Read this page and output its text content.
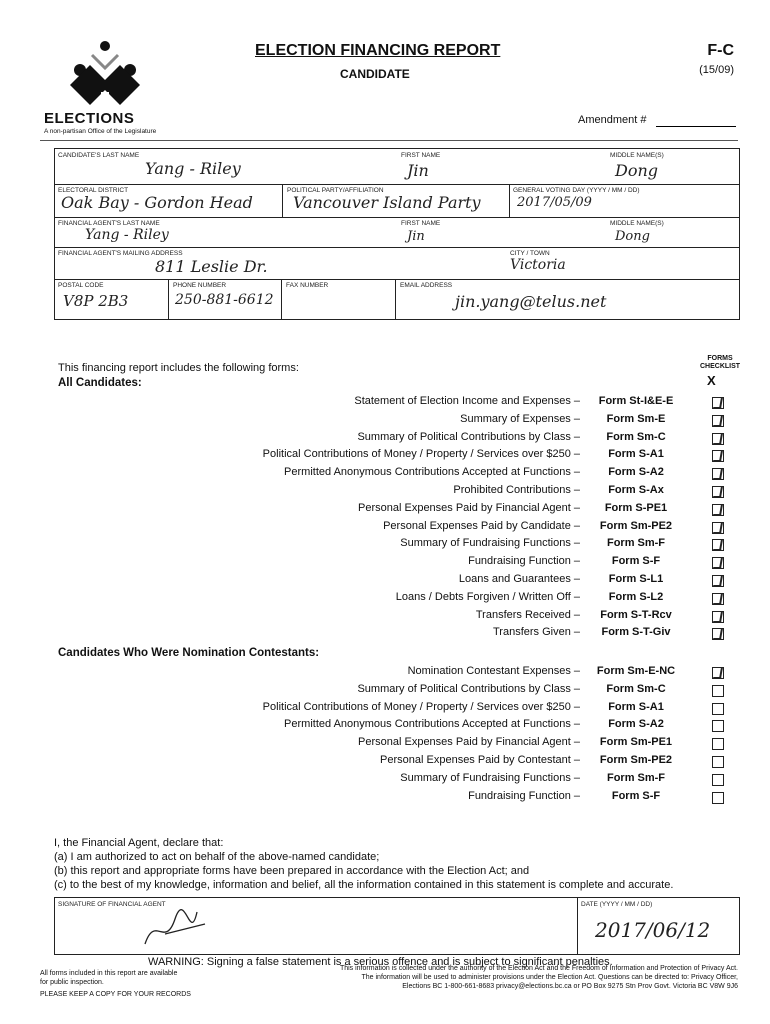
ELECTIONS
A non-partisan Office of the Legislature
ELECTION FINANCING REPORT
CANDIDATE
F-C
(15/09)
Amendment #
CANDIDATE'S LAST NAME
Yang - Riley
FIRST NAME
Jin
MIDDLE NAME(S)
Dong
ELECTORAL DISTRICT
Oak Bay - Gordon Head
POLITICAL PARTY/AFFILIATION
Vancouver Island Party
GENERAL VOTING DAY (YYYY / MM / DD)
2017/05/09
FINANCIAL AGENT'S LAST NAME
Yang - Riley
FIRST NAME
Jin
MIDDLE NAME(S)
Dong
FINANCIAL AGENT'S MAILING ADDRESS
811 Leslie Dr.
CITY / TOWN
Victoria
POSTAL CODE
V8P 2B3
PHONE NUMBER
250-881-6612
FAX NUMBER	EMAIL ADDRESS
jin.yang@telus.net
This financing report includes the following forms:
FORMS CHECKLIST
X
All Candidates:
Statement of Election Income and Expenses –	Form St-I&E-E
Summary of Expenses –	Form Sm-E
Summary of Political Contributions by Class –	Form Sm-C
Political Contributions of Money / Property / Services over $250 –	Form S-A1
Permitted Anonymous Contributions Accepted at Functions –	Form S-A2
Prohibited Contributions –	Form S-Ax
Personal Expenses Paid by Financial Agent –	Form S-PE1
Personal Expenses Paid by Candidate –	Form Sm-PE2
Summary of Fundraising Functions –	Form Sm-F
Fundraising Function –	Form S-F
Loans and Guarantees –	Form S-L1
Loans / Debts Forgiven / Written Off –	Form S-L2
Transfers Received –	Form S-T-Rcv
Transfers Given –	Form S-T-Giv
Candidates Who Were Nomination Contestants:
Nomination Contestant Expenses –	Form Sm-E-NC
Summary of Political Contributions by Class –	Form Sm-C
Political Contributions of Money / Property / Services over $250 –	Form S-A1
Permitted Anonymous Contributions Accepted at Functions –	Form S-A2
Personal Expenses Paid by Financial Agent –	Form Sm-PE1
Personal Expenses Paid by Contestant –	Form Sm-PE2
Summary of Fundraising Functions –	Form Sm-F
Fundraising Function –	Form S-F
I, the Financial Agent, declare that:
(a) I am authorized to act on behalf of the above-named candidate;
(b) this report and appropriate forms have been prepared in accordance with the Election Act; and
(c) to the best of my knowledge, information and belief, all the information contained in this statement is complete and accurate.
SIGNATURE OF FINANCIAL AGENT	DATE (YYYY / MM / DD)
2017/06/12
WARNING: Signing a false statement is a serious offence and is subject to significant penalties.
All forms included in this report are available
for public inspection.
PLEASE KEEP A COPY FOR YOUR RECORDS
This information is collected under the authority of the Election Act and the Freedom of Information and Protection of Privacy Act.
The information will be used to administer provisions under the Election Act. Questions can be directed to: Privacy Officer,
Elections BC 1-800-661-8683 privacy@elections.bc.ca or PO Box 9275 Stn Prov Govt. Victoria BC V8W 9J6
